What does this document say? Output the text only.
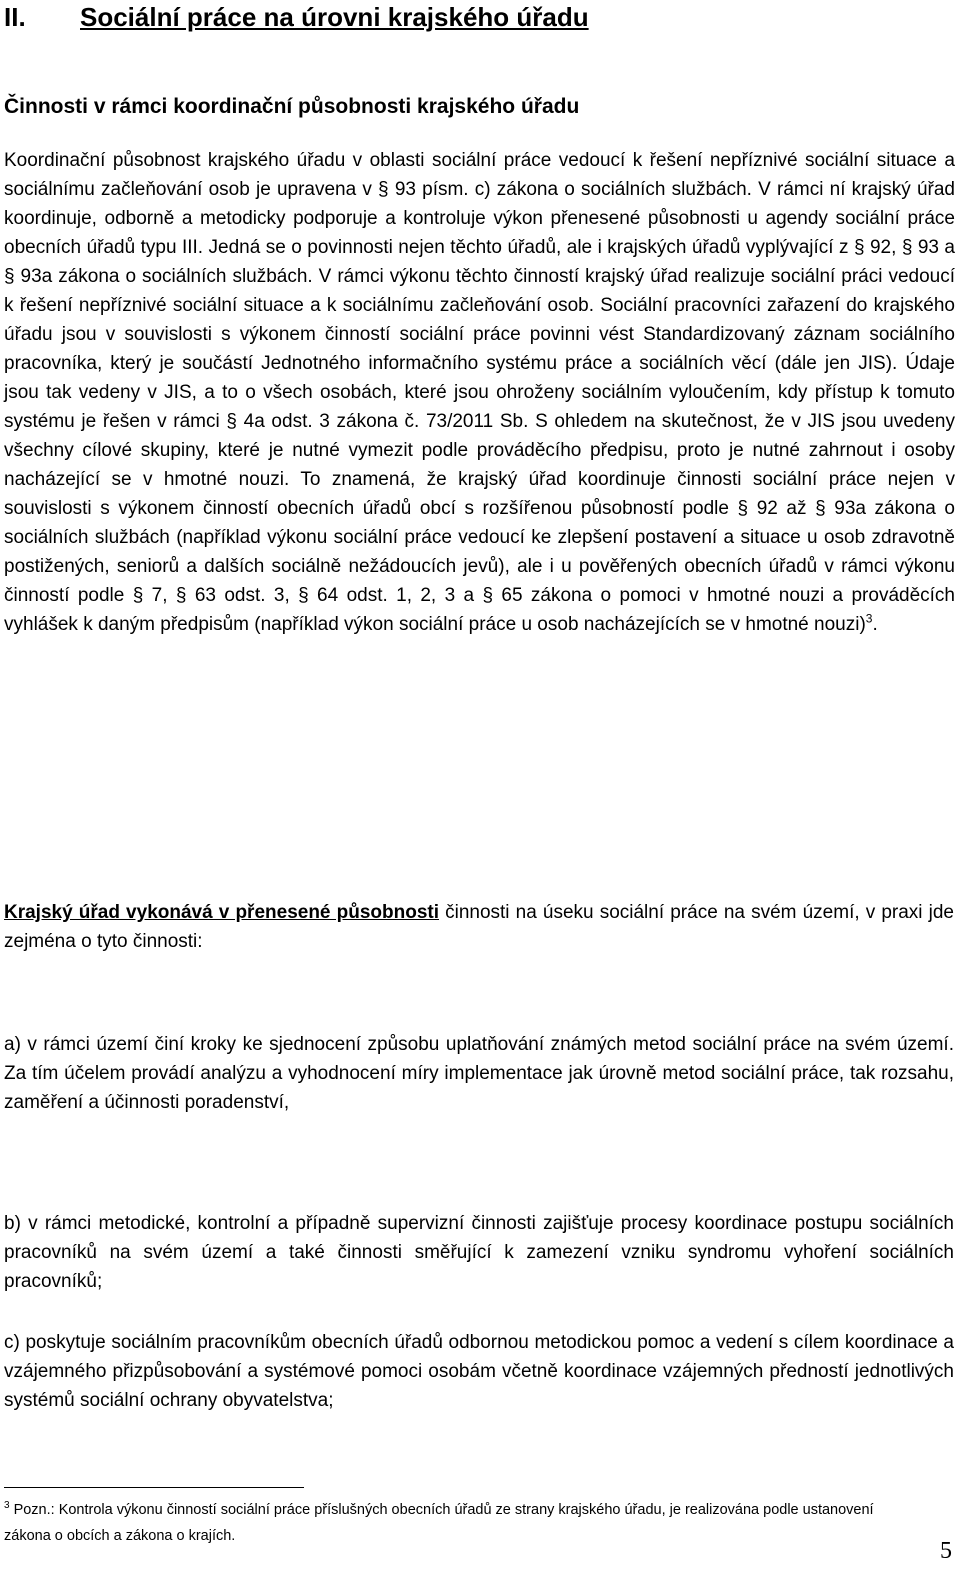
II. Sociální práce na úrovni krajského úřadu
Činnosti v rámci koordinační působnosti krajského úřadu

Koordinační působnost krajského úřadu v oblasti sociální práce vedoucí k řešení nepříznivé sociální situace a sociálnímu začleňování osob je upravena v § 93 písm. c) zákona o sociálních službách. V rámci ní krajský úřad koordinuje, odborně a metodicky podporuje a kontroluje výkon přenesené působnosti u agendy sociální práce obecních úřadů typu III. Jedná se o povinnosti nejen těchto úřadů, ale i krajských úřadů vyplývající z § 92, § 93 a § 93a zákona o sociálních službách. V rámci výkonu těchto činností krajský úřad realizuje sociální práci vedoucí k řešení nepříznivé sociální situace a k sociálnímu začleňování osob. Sociální pracovníci zařazení do krajského úřadu jsou v souvislosti s výkonem činností sociální práce povinni vést Standardizovaný záznam sociálního pracovníka, který je součástí Jednotného informačního systému práce a sociálních věcí (dále jen JIS). Údaje jsou tak vedeny v JIS, a to o všech osobách, které jsou ohroženy sociálním vyloučením, kdy přístup k tomuto systému je řešen v rámci § 4a odst. 3 zákona č. 73/2011 Sb. S ohledem na skutečnost, že v JIS jsou uvedeny všechny cílové skupiny, které je nutné vymezit podle prováděcího předpisu, proto je nutné zahrnout i osoby nacházející se v hmotné nouzi. To znamená, že krajský úřad koordinuje činnosti sociální práce nejen v souvislosti s výkonem činností obecních úřadů obcí s rozšířenou působností podle § 92 až § 93a zákona o sociálních službách (například výkonu sociální práce vedoucí ke zlepšení postavení a situace u osob zdravotně postižených, seniorů a dalších sociálně nežádoucích jevů), ale i u pověřených obecních úřadů v rámci výkonu činností podle § 7, § 63 odst. 3, § 64 odst. 1, 2, 3 a § 65 zákona o pomoci v hmotné nouzi a prováděcích vyhlášek k daným předpisům (například výkon sociální práce u osob nacházejících se v hmotné nouzi)$^3$.

Krajský úřad vykonává v přenesené působnosti činnosti na úseku sociální práce na svém území, v praxi jde zejména o tyto činnosti:

a) v rámci území činí kroky ke sjednocení způsobu uplatňování známých metod sociální práce na svém území. Za tím účelem provádí analýzu a vyhodnocení míry implementace jak úrovně metod sociální práce, tak rozsahu, zaměření a účinnosti poradenství,

b) v rámci metodické, kontrolní a případně supervizní činnosti zajišťuje procesy koordinace postupu sociálních pracovníků na svém území a také činnosti směřující k zamezení vzniku syndromu vyhoření sociálních pracovníků;

c) poskytuje sociálním pracovníkům obecních úřadů odbornou metodickou pomoc a vedení s cílem koordinace a vzájemného přizpůsobování a systémové pomoci osobám včetně koordinace vzájemných předností jednotlivých systémů sociální ochrany obyvatelstva;

$^3$ Pozn.: Kontrola výkonu činností sociální práce příslušných obecních úřadů ze strany krajského úřadu, je realizována podle ustanovení zákona o obcích a zákona o krajích.

5
